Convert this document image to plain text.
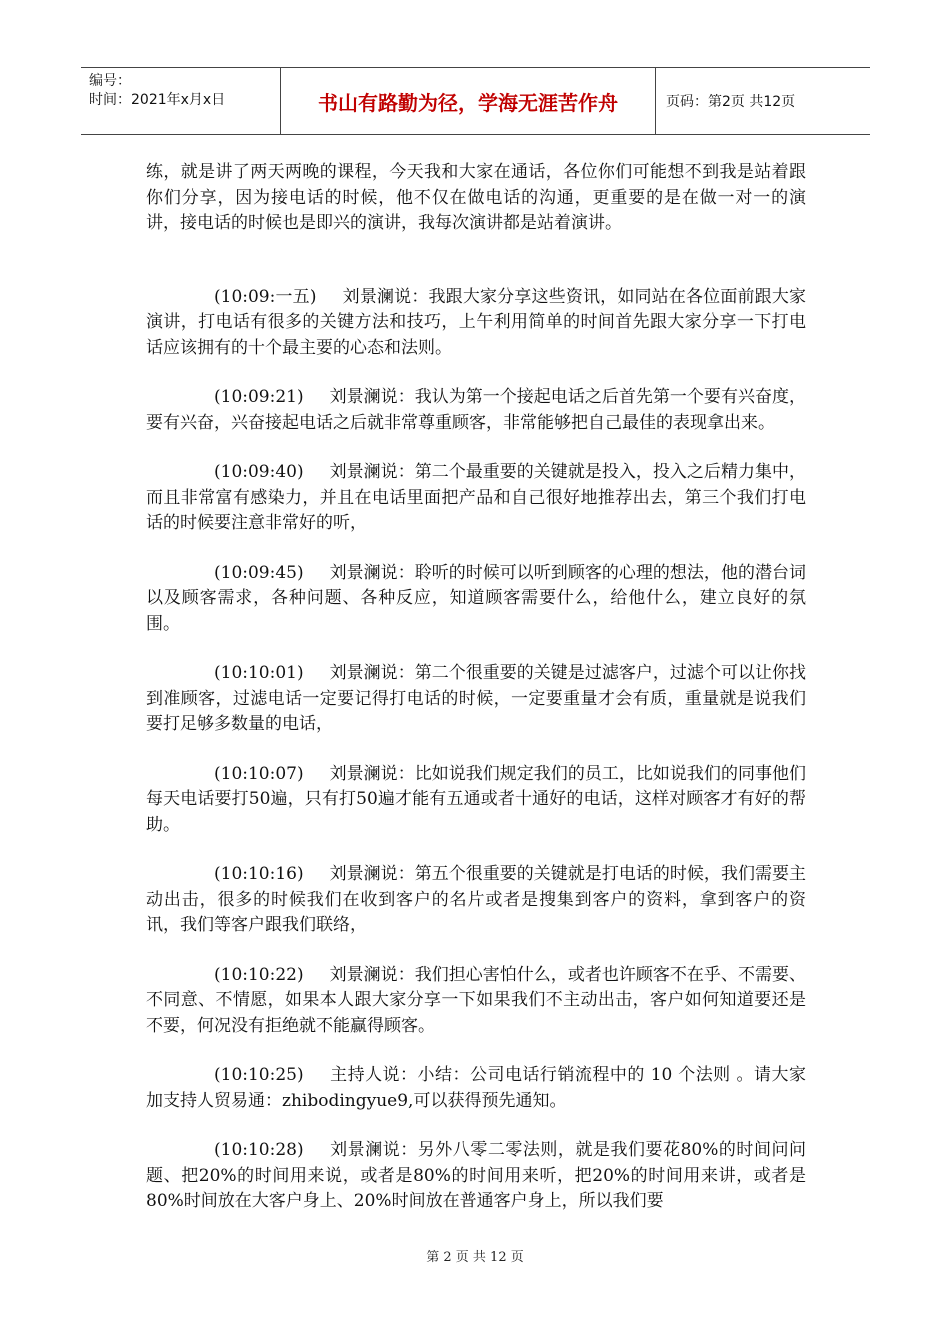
编号：
时间：2021年x月x日	书山有路勤为径，学海无涯苦作舟	页码：第2页 共12页

练，就是讲了两天两晚的课程，今天我和大家在通话，各位你们可能想不到我是站着跟你们分享，因为接电话的时候，他不仅在做电话的沟通，更重要的是在做一对一的演讲，接电话的时候也是即兴的演讲，我每次演讲都是站着演讲。

(10:09:一五) 刘景澜说：我跟大家分享这些资讯，如同站在各位面前跟大家演讲，打电话有很多的关键方法和技巧，上午利用简单的时间首先跟大家分享一下打电话应该拥有的十个最主要的心态和法则。

(10:09:21) 刘景澜说：我认为第一个接起电话之后首先第一个要有兴奋度，要有兴奋，兴奋接起电话之后就非常尊重顾客，非常能够把自己最佳的表现拿出来。

(10:09:40) 刘景澜说：第二个最重要的关键就是投入，投入之后精力集中，而且非常富有感染力，并且在电话里面把产品和自己很好地推荐出去，第三个我们打电话的时候要注意非常好的听，

(10:09:45) 刘景澜说：聆听的时候可以听到顾客的心理的想法，他的潜台词以及顾客需求，各种问题、各种反应，知道顾客需要什么，给他什么，建立良好的氛围。

(10:10:01) 刘景澜说：第二个很重要的关键是过滤客户，过滤个可以让你找到准顾客，过滤电话一定要记得打电话的时候，一定要重量才会有质，重量就是说我们要打足够多数量的电话，

(10:10:07) 刘景澜说：比如说我们规定我们的员工，比如说我们的同事他们每天电话要打50遍，只有打50遍才能有五通或者十通好的电话，这样对顾客才有好的帮助。

(10:10:16) 刘景澜说：第五个很重要的关键就是打电话的时候，我们需要主动出击，很多的时候我们在收到客户的名片或者是搜集到客户的资料，拿到客户的资讯，我们等客户跟我们联络，

(10:10:22) 刘景澜说：我们担心害怕什么，或者也许顾客不在乎、不需要、不同意、不情愿，如果本人跟大家分享一下如果我们不主动出击，客户如何知道要还是不要，何况没有拒绝就不能赢得顾客。

(10:10:25) 主持人说：小结：公司电话行销流程中的 10 个法则 。请大家加支持人贸易通：zhibodingyue9,可以获得预先通知。

(10:10:28) 刘景澜说：另外八零二零法则，就是我们要花80%的时间问问题、把20%的时间用来说，或者是80%的时间用来听，把20%的时间用来讲，或者是80%时间放在大客户身上、20%时间放在普通客户身上，所以我们要

第 2 页 共 12 页
